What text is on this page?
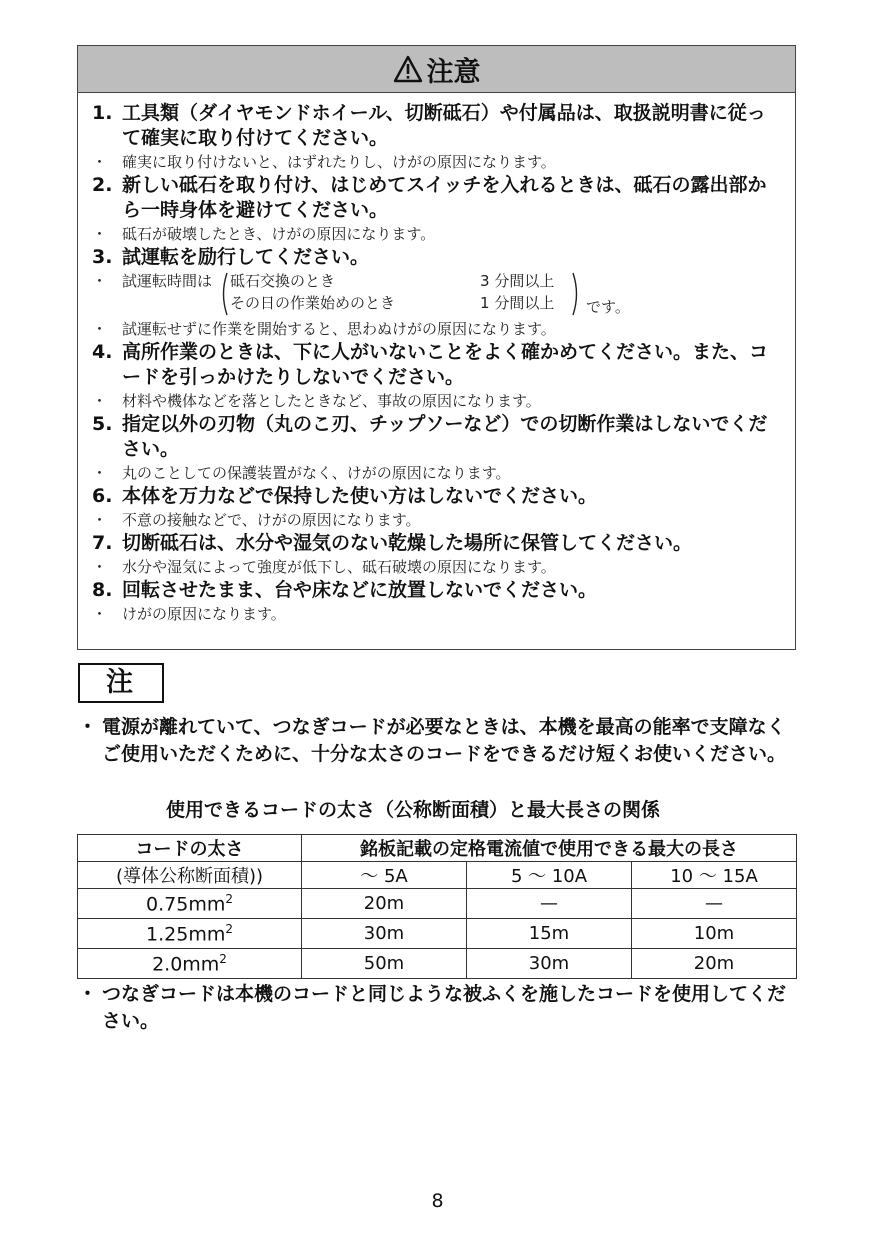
注意
1. 工具類（ダイヤモンドホイール、切断砥石）や付属品は、取扱説明書に従って確実に取り付けてください。
・ 確実に取り付けないと、はずれたりし、けがの原因になります。
2. 新しい砥石を取り付け、はじめてスイッチを入れるときは、砥石の露出部から一時身体を避けてください。
・ 砥石が破壊したとき、けがの原因になります。
3. 試運転を励行してください。
・ 試運転時間は 砥石交換のとき	3 分間以上
その日の作業始めのとき	1 分間以上	です。
・ 試運転せずに作業を開始すると、思わぬけがの原因になります。
4. 高所作業のときは、下に人がいないことをよく確かめてください。また、コードを引っかけたりしないでください。
・ 材料や機体などを落としたときなど、事故の原因になります。
5. 指定以外の刃物（丸のこ刃、チップソーなど）での切断作業はしないでください。
・ 丸のことしての保護装置がなく、けがの原因になります。
6. 本体を万力などで保持した使い方はしないでください。
・ 不意の接触などで、けがの原因になります。
7. 切断砥石は、水分や湿気のない乾燥した場所に保管してください。
・ 水分や湿気によって強度が低下し、砥石破壊の原因になります。
8. 回転させたまま、台や床などに放置しないでください。
・ けがの原因になります。
注
・ 電源が離れていて、つなぎコードが必要なときは、本機を最高の能率で支障なくご使用いただくために、十分な太さのコードをできるだけ短くお使いください。
使用できるコードの太さ（公称断面積）と最大長さの関係
コードの太さ	銘板記載の定格電流値で使用できる最大の長さ		
(導体公称断面積))	〜 5A	5 〜 10A	10 〜 15A
$0.75mm^2$	20m	—	—
$1.25mm^2$	30m	15m	10m
$2.0mm^2$	50m	30m	20m
・ つなぎコードは本機のコードと同じような被ふくを施したコードを使用してください。
8
